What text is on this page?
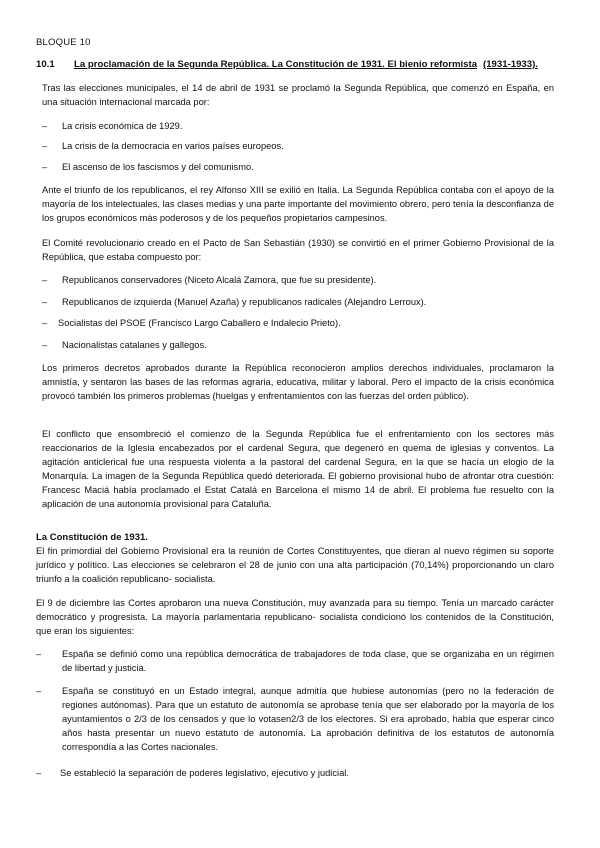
BLOQUE 10

10.1 La proclamación de la Segunda República. La Constitución de 1931. El bienio reformista (1931-1933).

Tras las elecciones municipales, el 14 de abril de 1931 se proclamó la Segunda República, que comenzó en España, en una situación internacional marcada por:

– La crisis económica de 1929.
– La crisis de la democracia en varios países europeos.
– El ascenso de los fascismos y del comunismo.

Ante el triunfo de los republicanos, el rey Alfonso XIII se exilió en Italia. La Segunda República contaba con el apoyo de la mayoría de los intelectuales, las clases medias y una parte importante del movimiento obrero, pero tenía la desconfianza de los grupos económicos más poderosos y de los pequeños propietarios campesinos.

El Comité revolucionario creado en el Pacto de San Sebastián (1930) se convirtió en el primer Gobierno Provisional de la República, que estaba compuesto por:

– Republicanos conservadores (Niceto Alcalá Zamora, que fue su presidente).
– Republicanos de izquierda (Manuel Azaña) y republicanos radicales (Alejandro Lerroux).
– Socialistas del PSOE (Francisco Largo Caballero e Indalecio Prieto).
– Nacionalistas catalanes y gallegos.

Los primeros decretos aprobados durante la República reconocieron amplios derechos individuales, proclamaron la amnistía, y sentaron las bases de las reformas agraria, educativa, militar y laboral. Pero el impacto de la crisis económica provocó también los primeros problemas (huelgas y enfrentamientos con las fuerzas del orden público).

El conflicto que ensombreció el comienzo de la Segunda República fue el enfrentamiento con los sectores más reaccionarios de la Iglesia encabezados por el cardenal Segura, que degeneró en quema de iglesias y conventos. La agitación anticlerical fue una respuesta violenta a la pastoral del cardenal Segura, en la que se hacía un elogio de la Monarquía. La imagen de la Segunda República quedó deteriorada. El gobierno provisional hubo de afrontar otra cuestión: Francesc Maciá había proclamado el Estat Catalá en Barcelona el mismo 14 de abril. El problema fue resuelto con la aplicación de una autonomía provisional para Cataluña.

La Constitución de 1931.

El fin primordial del Gobierno Provisional era la reunión de Cortes Constituyentes, que dieran al nuevo régimen su soporte jurídico y político. Las elecciones se celebraron el 28 de junio con una alta participación (70,14%) proporcionando un claro triunfo a la coalición republicano- socialista.

El 9 de diciembre las Cortes aprobaron una nueva Constitución, muy avanzada para su tiempo. Tenía un marcado carácter democrático y progresista. La mayoría parlamentaria republicano- socialista condicionó los contenidos de la Constitución, que eran los siguientes:

– España se definió como una república democrática de trabajadores de toda clase, que se organizaba en un régimen de libertad y justicia.
– España se constituyó en un Estado integral, aunque admitía que hubiese autonomías (pero no la federación de regiones autónomas). Para que un estatuto de autonomía se aprobase tenía que ser elaborado por la mayoría de los ayuntamientos o 2/3 de los censados y que lo votasen2/3 de los electores. Si era aprobado, había que esperar cinco años hasta presentar un nuevo estatuto de autonomía. La aprobación definitiva de los estatutos de autonomía correspondía a las Cortes nacionales.
– Se estableció la separación de poderes legislativo, ejecutivo y judicial.
